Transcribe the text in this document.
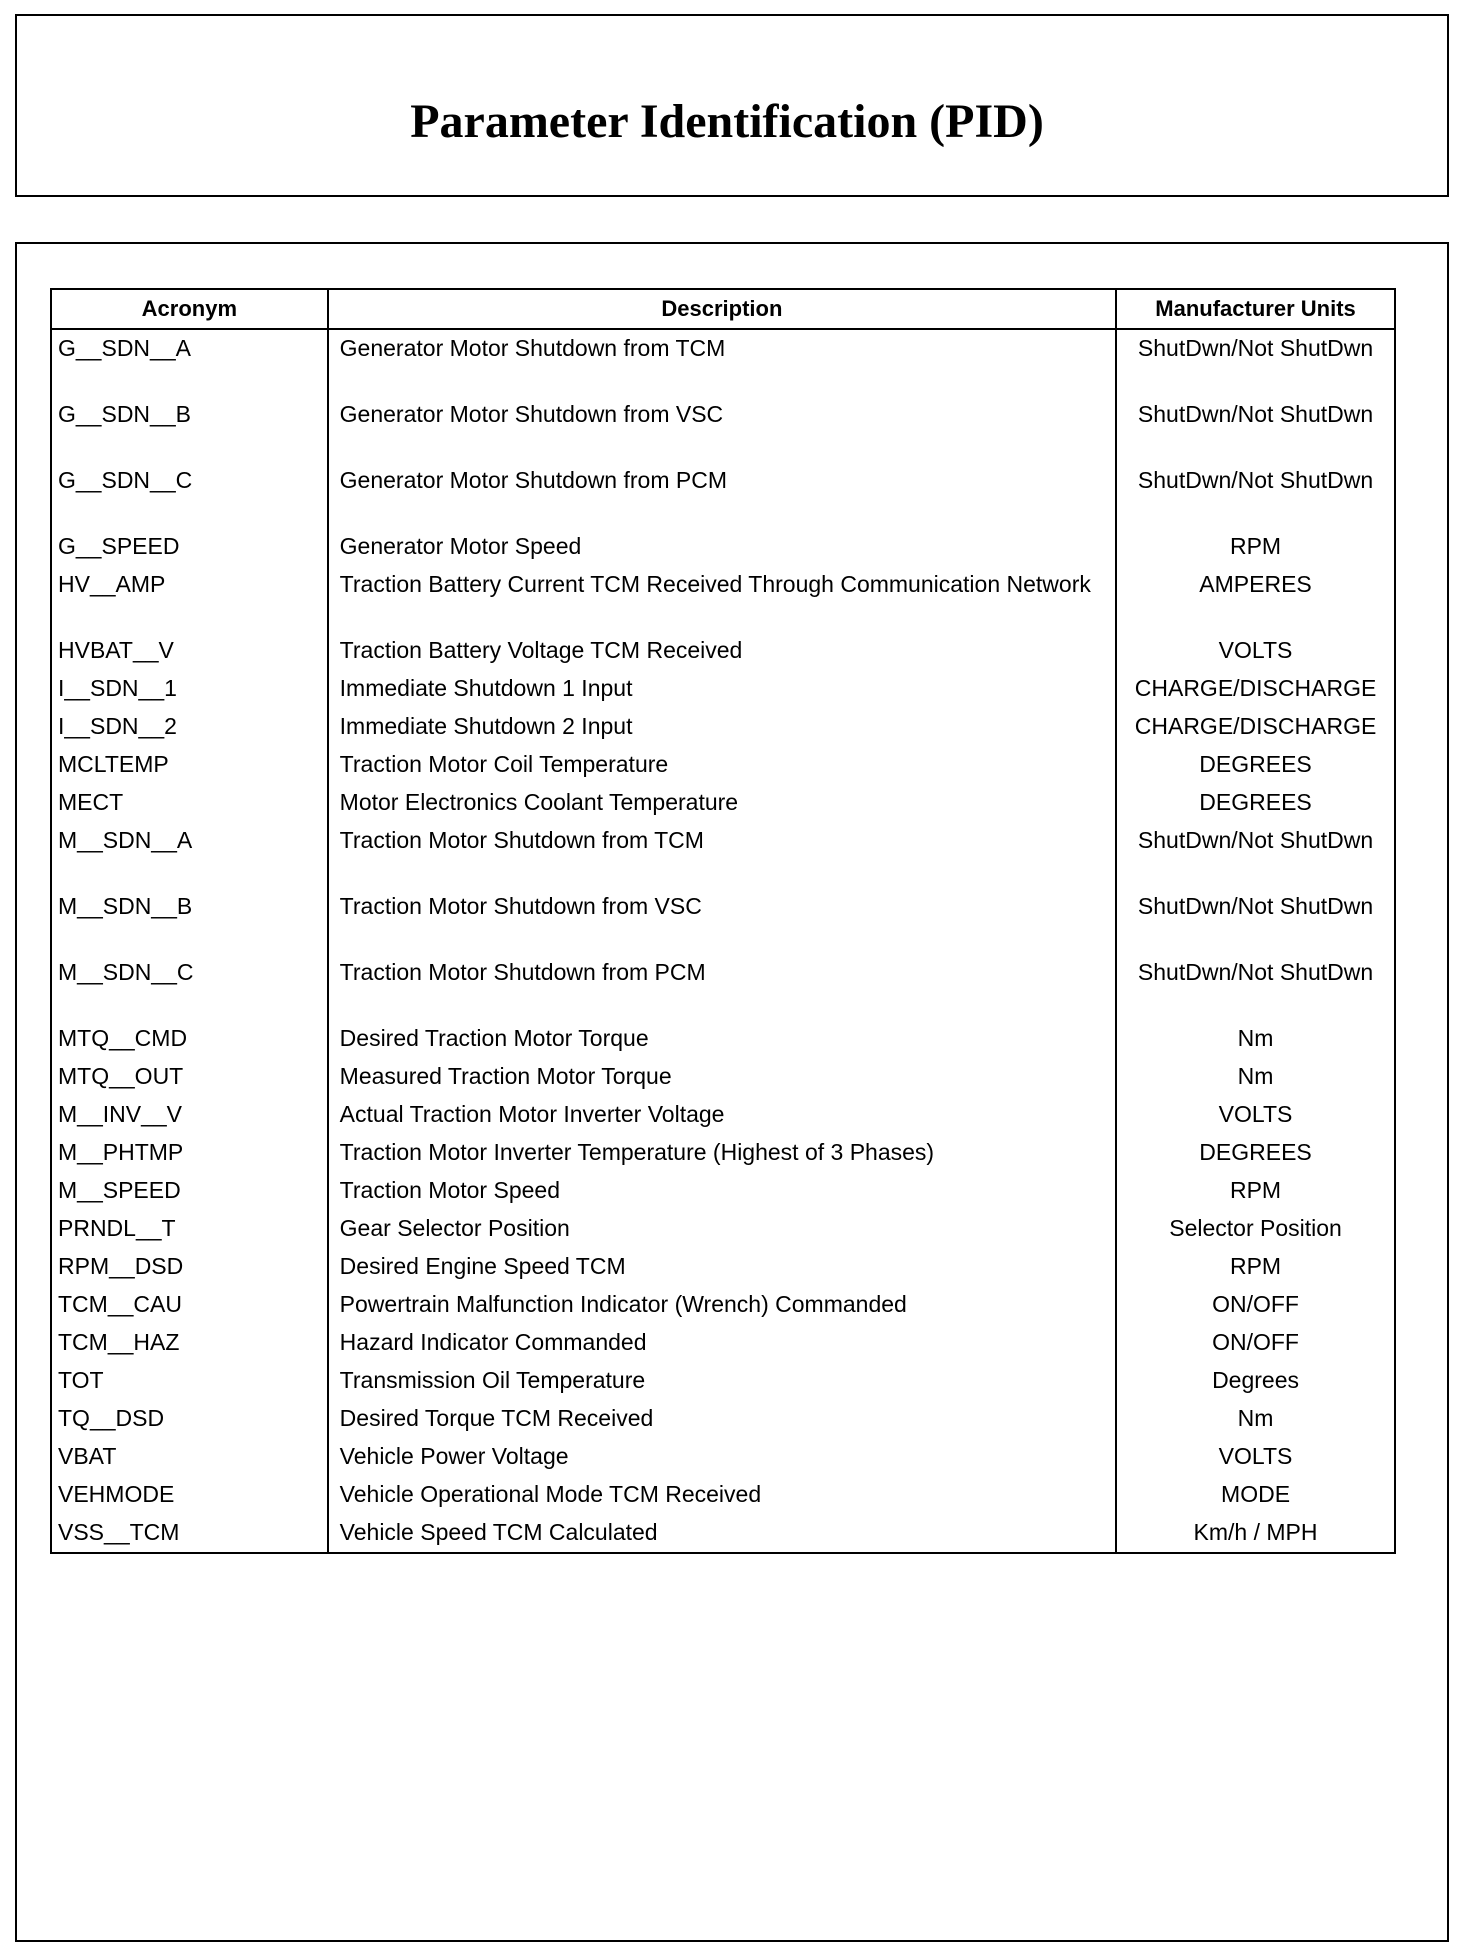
Parameter Identification (PID)
Acronym	Description	Manufacturer Units
G__SDN__A	Generator Motor Shutdown from TCM	ShutDwn/Not ShutDwn
G__SDN__B	Generator Motor Shutdown from VSC	ShutDwn/Not ShutDwn
G__SDN__C	Generator Motor Shutdown from PCM	ShutDwn/Not ShutDwn
G__SPEED	Generator Motor Speed	RPM
HV__AMP	Traction Battery Current TCM Received Through Communication Network	AMPERES
HVBAT__V	Traction Battery Voltage TCM Received	VOLTS
I__SDN__1	Immediate Shutdown 1 Input	CHARGE/DISCHARGE
I__SDN__2	Immediate Shutdown 2 Input	CHARGE/DISCHARGE
MCLTEMP	Traction Motor Coil Temperature	DEGREES
MECT	Motor Electronics Coolant Temperature	DEGREES
M__SDN__A	Traction Motor Shutdown from TCM	ShutDwn/Not ShutDwn
M__SDN__B	Traction Motor Shutdown from VSC	ShutDwn/Not ShutDwn
M__SDN__C	Traction Motor Shutdown from PCM	ShutDwn/Not ShutDwn
MTQ__CMD	Desired Traction Motor Torque	Nm
MTQ__OUT	Measured Traction Motor Torque	Nm
M__INV__V	Actual Traction Motor Inverter Voltage	VOLTS
M__PHTMP	Traction Motor Inverter Temperature (Highest of 3 Phases)	DEGREES
M__SPEED	Traction Motor Speed	RPM
PRNDL__T	Gear Selector Position	Selector Position
RPM__DSD	Desired Engine Speed TCM	RPM
TCM__CAU	Powertrain Malfunction Indicator (Wrench) Commanded	ON/OFF
TCM__HAZ	Hazard Indicator Commanded	ON/OFF
TOT	Transmission Oil Temperature	Degrees
TQ__DSD	Desired Torque TCM Received	Nm
VBAT	Vehicle Power Voltage	VOLTS
VEHMODE	Vehicle Operational Mode TCM Received	MODE
VSS__TCM	Vehicle Speed TCM Calculated	Km/h / MPH
